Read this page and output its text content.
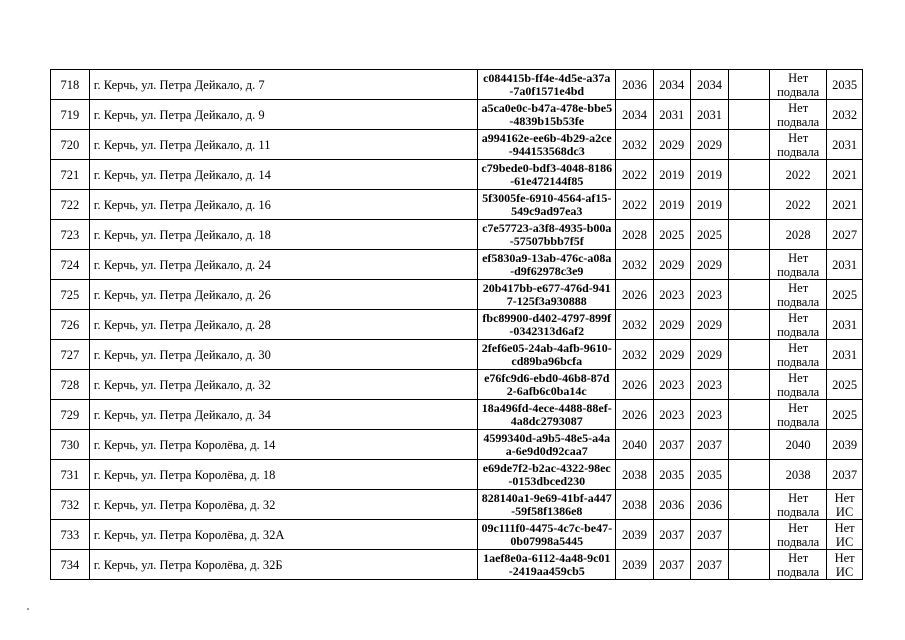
718	г. Керчь, ул. Петра Дейкало, д. 7	c084415b-ff4e-4d5e-a37a-7a0f1571e4bd	2036	2034	2034		Нет подвала	2035
719	г. Керчь, ул. Петра Дейкало, д. 9	a5ca0e0c-b47a-478e-bbe5-4839b15b53fe	2034	2031	2031		Нет подвала	2032
720	г. Керчь, ул. Петра Дейкало, д. 11	a994162e-ee6b-4b29-a2ce-944153568dc3	2032	2029	2029		Нет подвала	2031
721	г. Керчь, ул. Петра Дейкало, д. 14	c79bede0-bdf3-4048-8186-61e472144f85	2022	2019	2019		2022	2021
722	г. Керчь, ул. Петра Дейкало, д. 16	5f3005fe-6910-4564-af15-549c9ad97ea3	2022	2019	2019		2022	2021
723	г. Керчь, ул. Петра Дейкало, д. 18	c7e57723-a3f8-4935-b00a-57507bbb7f5f	2028	2025	2025		2028	2027
724	г. Керчь, ул. Петра Дейкало, д. 24	ef5830a9-13ab-476c-a08a-d9f62978c3e9	2032	2029	2029		Нет подвала	2031
725	г. Керчь, ул. Петра Дейкало, д. 26	20b417bb-e677-476d-9417-125f3a930888	2026	2023	2023		Нет подвала	2025
726	г. Керчь, ул. Петра Дейкало, д. 28	fbc89900-d402-4797-899f-0342313d6af2	2032	2029	2029		Нет подвала	2031
727	г. Керчь, ул. Петра Дейкало, д. 30	2fef6e05-24ab-4afb-9610-cd89ba96bcfa	2032	2029	2029		Нет подвала	2031
728	г. Керчь, ул. Петра Дейкало, д. 32	e76fc9d6-ebd0-46b8-87d2-6afb6c0ba14c	2026	2023	2023		Нет подвала	2025
729	г. Керчь, ул. Петра Дейкало, д. 34	18a496fd-4ece-4488-88ef-4a8dc2793087	2026	2023	2023		Нет подвала	2025
730	г. Керчь, ул. Петра Королёва, д. 14	4599340d-a9b5-48e5-a4aa-6e9d0d92caa7	2040	2037	2037		2040	2039
731	г. Керчь, ул. Петра Королёва, д. 18	e69de7f2-b2ac-4322-98ec-0153dbced230	2038	2035	2035		2038	2037
732	г. Керчь, ул. Петра Королёва, д. 32	828140a1-9e69-41bf-a447-59f58f1386e8	2038	2036	2036		Нет подвала	Нет ИС
733	г. Керчь, ул. Петра Королёва, д. 32А	09c111f0-4475-4c7c-be47-0b07998a5445	2039	2037	2037		Нет подвала	Нет ИС
734	г. Керчь, ул. Петра Королёва, д. 32Б	1aef8e0a-6112-4a48-9c01-2419aa459cb5	2039	2037	2037		Нет подвала	Нет ИС
